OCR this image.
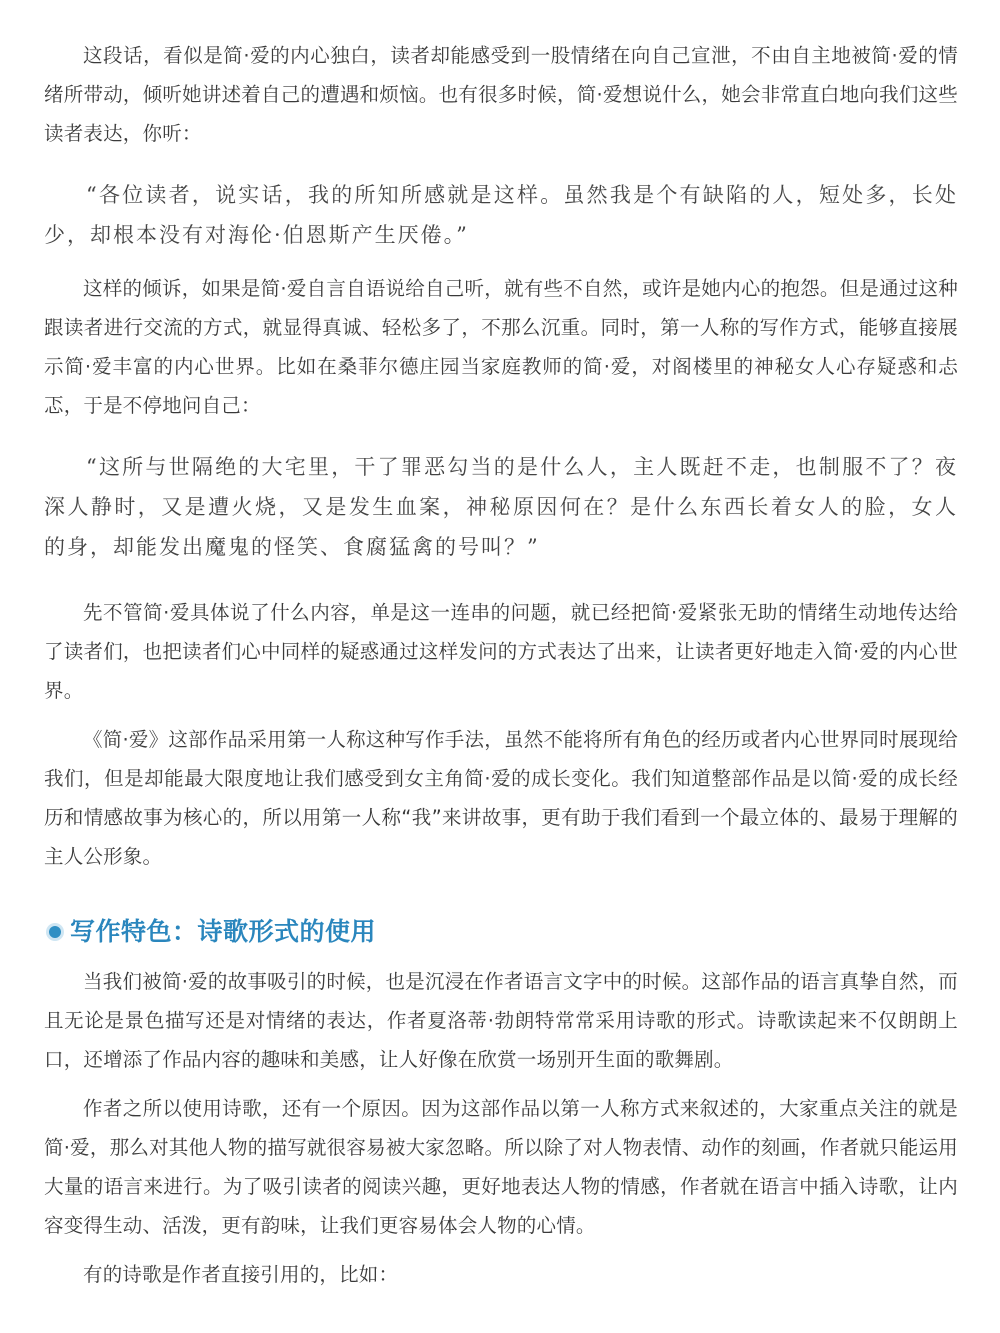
这段话，看似是简·爱的内心独白，读者却能感受到一股情绪在向自己宣泄，不由自主地被简·爱的情绪所带动，倾听她讲述着自己的遭遇和烦恼。也有很多时候，简·爱想说什么，她会非常直白地向我们这些读者表达，你听：

“各位读者，说实话，我的所知所感就是这样。虽然我是个有缺陷的人，短处多，长处少，却根本没有对海伦·伯恩斯产生厌倦。”

这样的倾诉，如果是简·爱自言自语说给自己听，就有些不自然，或许是她内心的抱怨。但是通过这种跟读者进行交流的方式，就显得真诚、轻松多了，不那么沉重。同时，第一人称的写作方式，能够直接展示简·爱丰富的内心世界。比如在桑菲尔德庄园当家庭教师的简·爱，对阁楼里的神秘女人心存疑惑和忐忑，于是不停地问自己：

“这所与世隔绝的大宅里，干了罪恶勾当的是什么人，主人既赶不走，也制服不了？夜深人静时，又是遭火烧，又是发生血案，神秘原因何在？是什么东西长着女人的脸，女人的身，却能发出魔鬼的怪笑、食腐猛禽的号叫？”

先不管简·爱具体说了什么内容，单是这一连串的问题，就已经把简·爱紧张无助的情绪生动地传达给了读者们，也把读者们心中同样的疑惑通过这样发问的方式表达了出来，让读者更好地走入简·爱的内心世界。

《简·爱》这部作品采用第一人称这种写作手法，虽然不能将所有角色的经历或者内心世界同时展现给我们，但是却能最大限度地让我们感受到女主角简·爱的成长变化。我们知道整部作品是以简·爱的成长经历和情感故事为核心的，所以用第一人称“我”来讲故事，更有助于我们看到一个最立体的、最易于理解的主人公形象。

写作特色：诗歌形式的使用

当我们被简·爱的故事吸引的时候，也是沉浸在作者语言文字中的时候。这部作品的语言真挚自然，而且无论是景色描写还是对情绪的表达，作者夏洛蒂·勃朗特常常采用诗歌的形式。诗歌读起来不仅朗朗上口，还增添了作品内容的趣味和美感，让人好像在欣赏一场别开生面的歌舞剧。

作者之所以使用诗歌，还有一个原因。因为这部作品以第一人称方式来叙述的，大家重点关注的就是简·爱，那么对其他人物的描写就很容易被大家忽略。所以除了对人物表情、动作的刻画，作者就只能运用大量的语言来进行。为了吸引读者的阅读兴趣，更好地表达人物的情感，作者就在语言中插入诗歌，让内容变得生动、活泼，更有韵味，让我们更容易体会人物的心情。

有的诗歌是作者直接引用的，比如：
